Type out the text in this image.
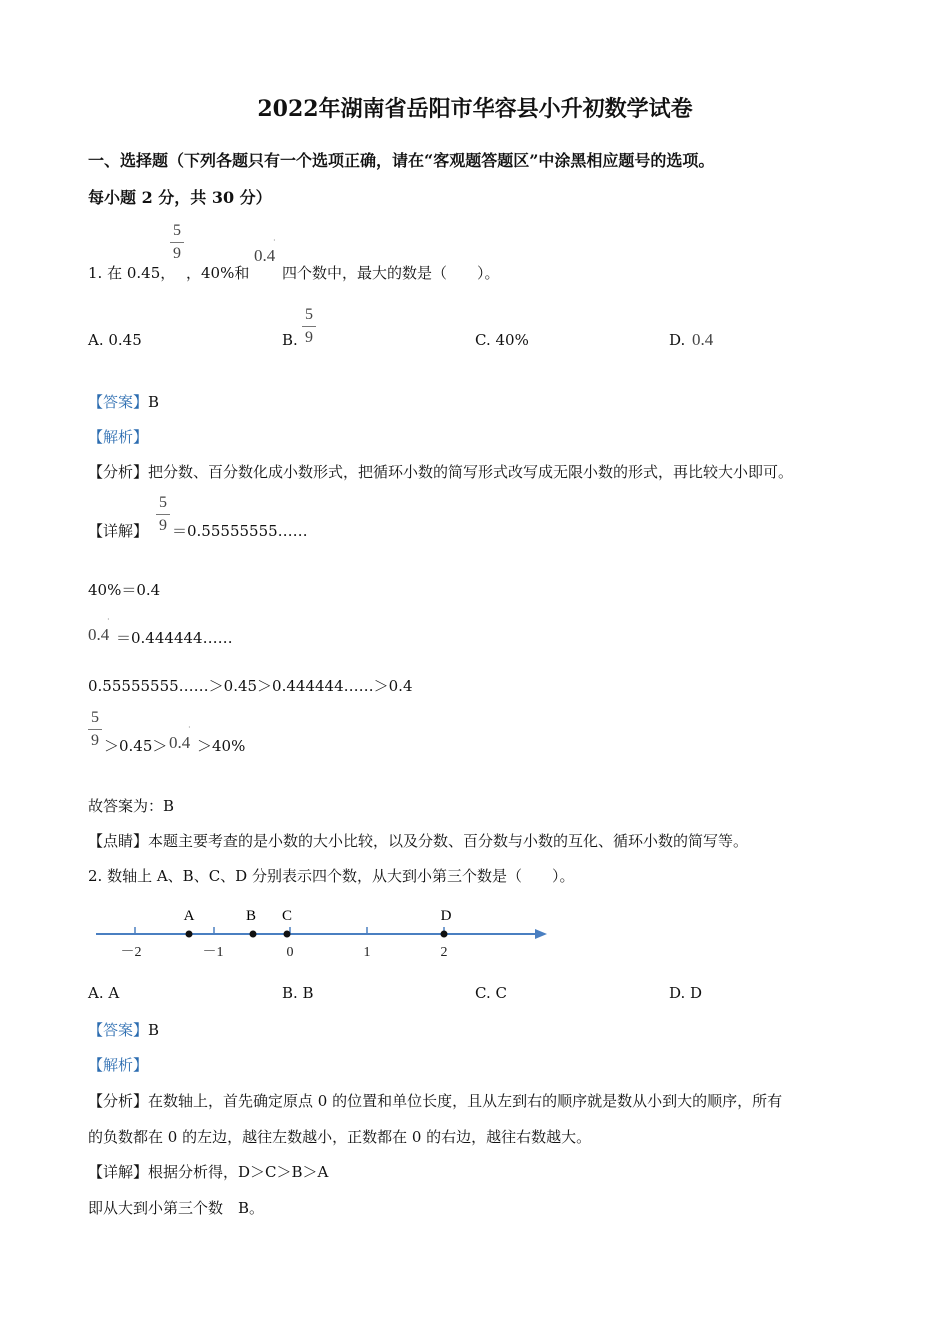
2022年湖南省岳阳市华容县小升初数学试卷
一、选择题（下列各题只有一个选项正确，请在“客观题答题区”中涂黑相应题号的选项。
每小题 2 分，共 30 分）
1. 在 0.45，
5
9
，40%和
·
0.4
四个数中，最大的数是（　　）。
A. 0.45	B.
5
9	C. 40%	D. 0.4
【答案】B
【解析】
【分析】把分数、百分数化成小数形式，把循环小数的简写形式改写成无限小数的形式，再比较大小即可。
【详解】
5
9 ＝0.55555555……
40%＝0.4
·
0.4 ＝0.444444……
0.55555555……＞0.45＞0.444444……＞0.4
5
9 ＞0.45＞
·
0.4 ＞40%
故答案为：B
【点睛】本题主要考查的是小数的大小比较，以及分数、百分数与小数的互化、循环小数的简写等。
2. 数轴上 A、B、C、D 分别表示四个数，从大到小第三个数是（　　）。
A	B C	D
－2	－1	0	1	2
A. A	B. B	C. C	D. D
【答案】B
【解析】
【分析】在数轴上，首先确定原点 0 的位置和单位长度，且从左到右的顺序就是数从小到大的顺序，所有
的负数都在 0 的左边，越往左数越小，正数都在 0 的右边，越往右数越大。
【详解】根据分析得，D＞C＞B＞A
即从大到小第三个数　B。
